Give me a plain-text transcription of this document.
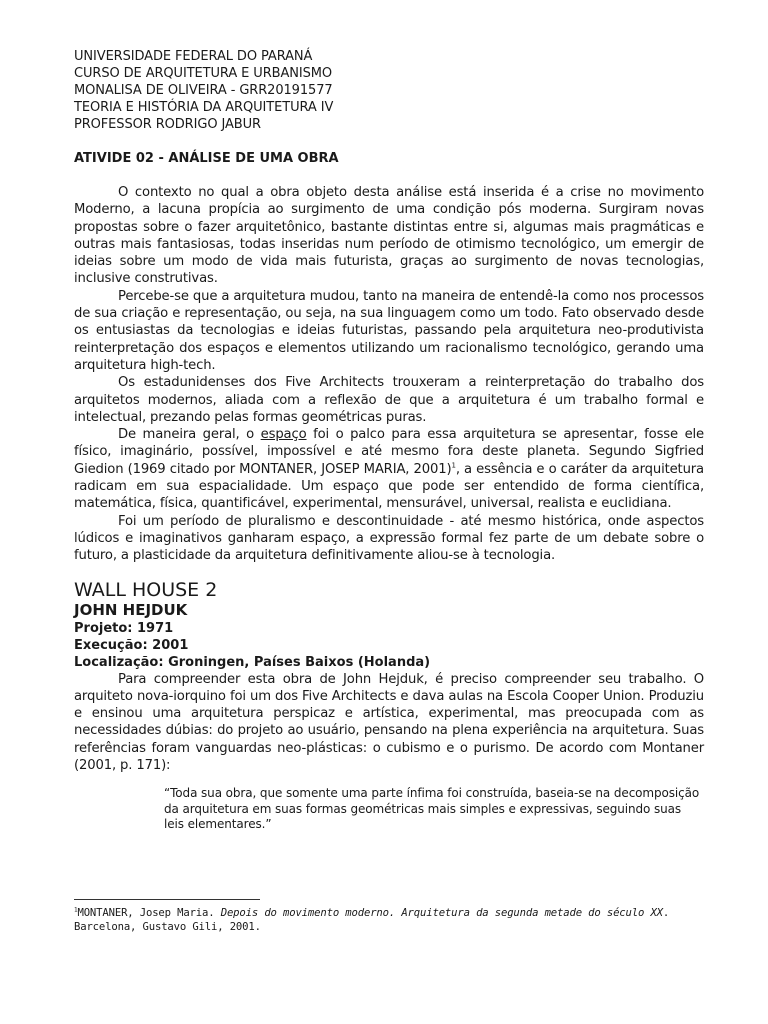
UNIVERSIDADE FEDERAL DO PARANÁ
CURSO DE ARQUITETURA E URBANISMO
MONALISA DE OLIVEIRA - GRR20191577
TEORIA E HISTÓRIA DA ARQUITETURA IV
PROFESSOR RODRIGO JABUR
ATIVIDE 02 - ANÁLISE DE UMA OBRA

O contexto no qual a obra objeto desta análise está inserida é a crise no movimento Moderno, a lacuna propícia ao surgimento de uma condição pós moderna. Surgiram novas propostas sobre o fazer arquitetônico, bastante distintas entre si, algumas mais pragmáticas e outras mais fantasiosas, todas inseridas num período de otimismo tecnológico, um emergir de ideias sobre um modo de vida mais futurista, graças ao surgimento de novas tecnologias, inclusive construtivas.

Percebe-se que a arquitetura mudou, tanto na maneira de entendê-la como nos processos de sua criação e representação, ou seja, na sua linguagem como um todo. Fato observado desde os entusiastas da tecnologias e ideias futuristas, passando pela arquitetura neo-produtivista reinterpretação dos espaços e elementos utilizando um racionalismo tecnológico, gerando uma arquitetura high-tech.

Os estadunidenses dos Five Architects trouxeram a reinterpretação do trabalho dos arquitetos modernos, aliada com a reflexão de que a arquitetura é um trabalho formal e intelectual, prezando pelas formas geométricas puras.

De maneira geral, o espaço foi o palco para essa arquitetura se apresentar, fosse ele físico, imaginário, possível, impossível e até mesmo fora deste planeta. Segundo Sigfried Giedion (1969 citado por MONTANER, JOSEP MARIA, 2001)$^1$, a essência e o caráter da arquitetura radicam em sua espacialidade. Um espaço que pode ser entendido de forma científica, matemática, física, quantificável, experimental, mensurável, universal, realista e euclidiana.

Foi um período de pluralismo e descontinuidade - até mesmo histórica, onde aspectos lúdicos e imaginativos ganharam espaço, a expressão formal fez parte de um debate sobre o futuro, a plasticidade da arquitetura definitivamente aliou-se à tecnologia.

WALL HOUSE 2
JOHN HEJDUK
Projeto: 1971
Execução: 2001
Localização: Groningen, Países Baixos (Holanda)

Para compreender esta obra de John Hejduk, é preciso compreender seu trabalho. O arquiteto nova-iorquino foi um dos Five Architects e dava aulas na Escola Cooper Union. Produziu e ensinou uma arquitetura perspicaz e artística, experimental, mas preocupada com as necessidades dúbias: do projeto ao usuário, pensando na plena experiência na arquitetura. Suas referências foram vanguardas neo-plásticas: o cubismo e o purismo. De acordo com Montaner (2001, p. 171):

“Toda sua obra, que somente uma parte ínfima foi construída, baseia-se na decomposição da arquitetura em suas formas geométricas mais simples e expressivas, seguindo suas leis elementares.”
$^1$MONTANER, Josep Maria. Depois do movimento moderno. Arquitetura da segunda metade do século XX. Barcelona, Gustavo Gili, 2001.
